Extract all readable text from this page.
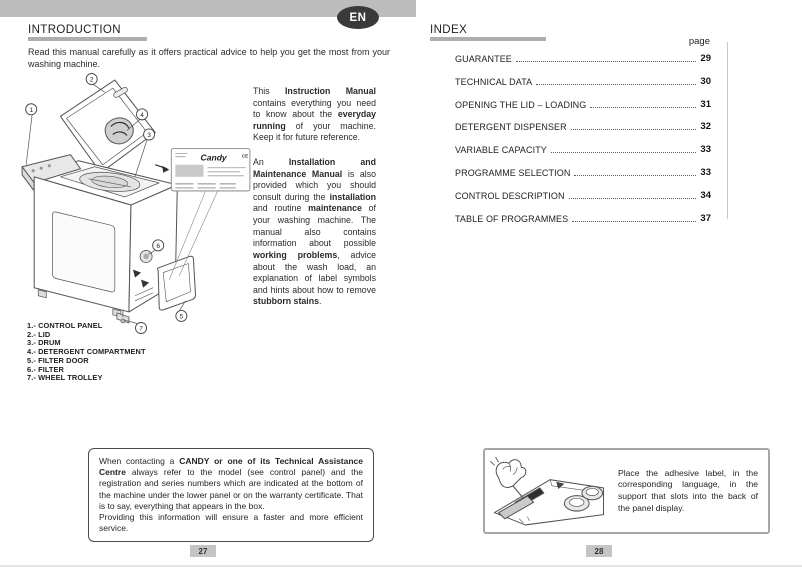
EN
INTRODUCTION
Read this manual carefully as it offers practical advice to help you get the most from your washing machine.
Candy	CE
1
2
3
4
5
6
7
1.- CONTROL PANEL
2.- LID
3.- DRUM
4.- DETERGENT COMPARTMENT
5.- FILTER DOOR
6.- FILTER
7.- WHEEL TROLLEY

This Instruction Manual contains everything you need to know about the everyday running of your machine. Keep it for future reference.

An Installation and Maintenance Manual is also provided which you should consult during the installation and routine maintenance of your washing machine. The manual also contains information about possible working problems, advice about the wash load, an explanation of label symbols and hints about how to remove stubborn stains.

When contacting a CANDY or one of its Technical Assistance Centre always refer to the model (see control panel) and the registration and series numbers which are indicated at the bottom of the machine under the lower panel or on the warranty certificate. That is to say, everything that appears in the box.
Providing this information will ensure a faster and more efficient service.
27
INDEX
page
GUARANTEE	29
TECHNICAL DATA	30
OPENING THE LID – LOADING	31
DETERGENT DISPENSER	32
VARIABLE CAPACITY	33
PROGRAMME SELECTION	33
CONTROL DESCRIPTION	34
TABLE OF PROGRAMMES	37
Place the adhesive label, in the corresponding language, in the support that slots into the back of the panel display.
28
